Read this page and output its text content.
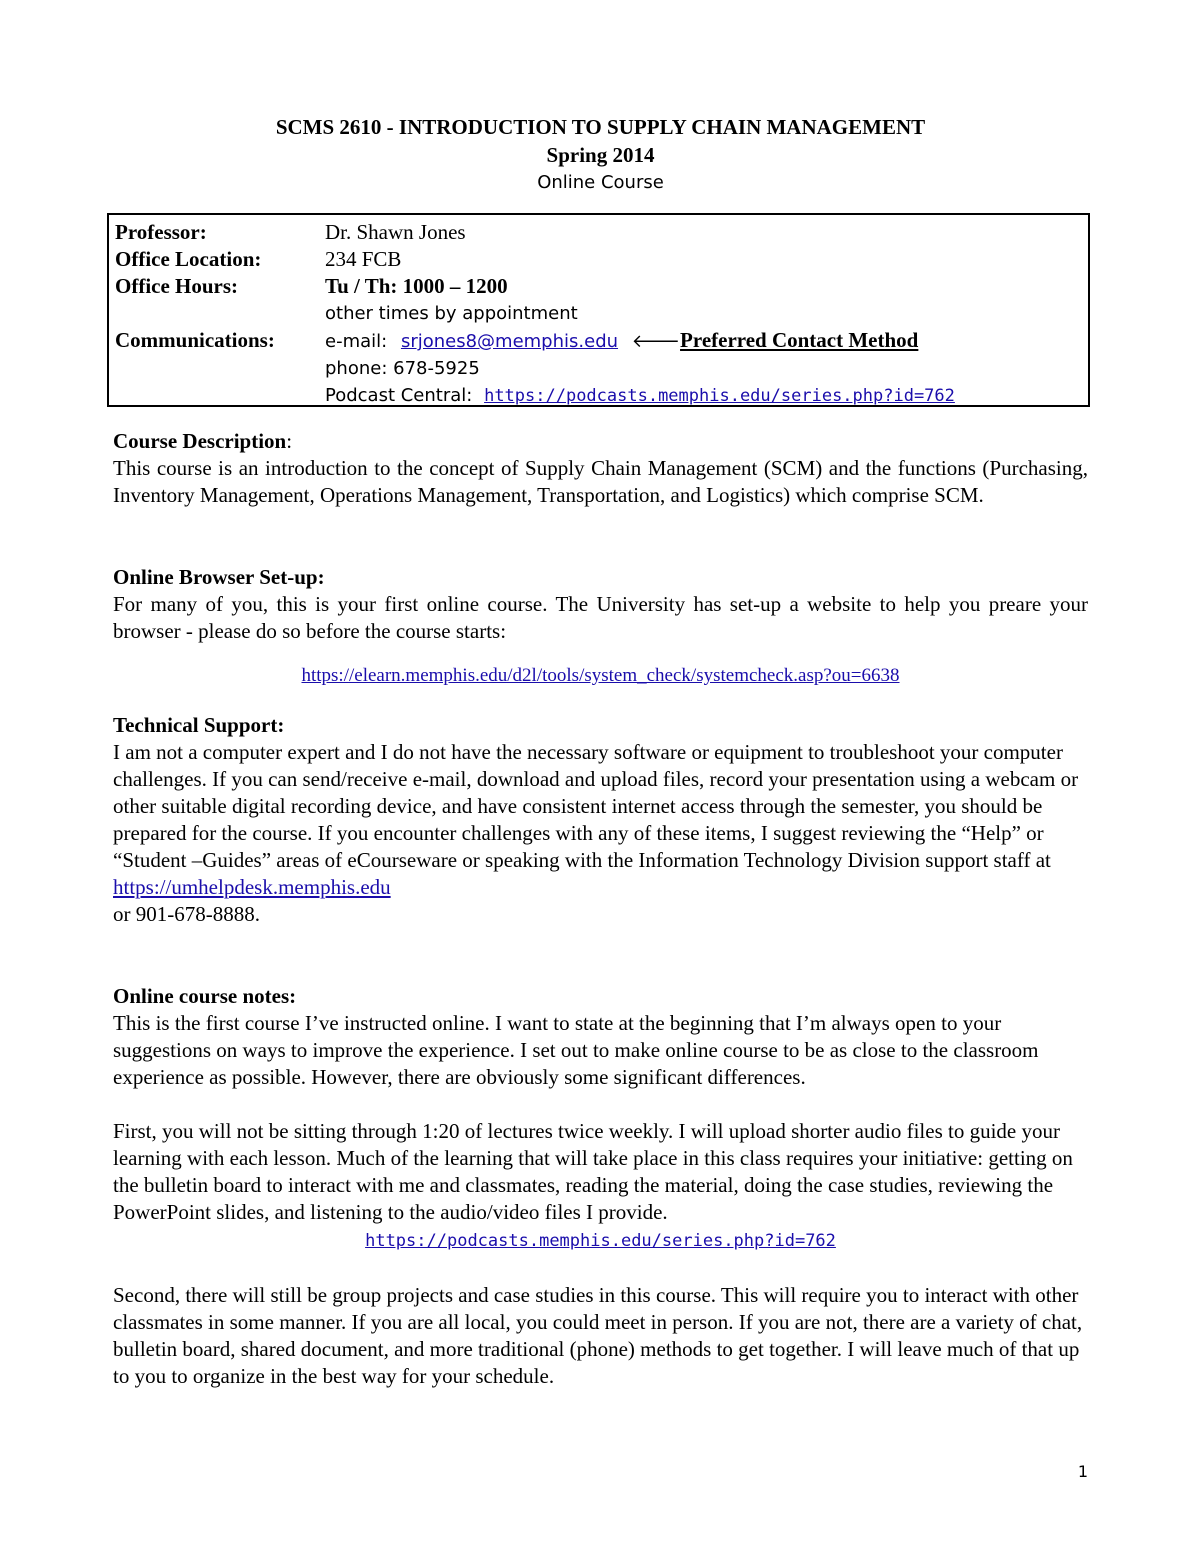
SCMS 2610 - INTRODUCTION TO SUPPLY CHAIN MANAGEMENT
Spring 2014
Online Course
Professor:	Dr. Shawn Jones
Office Location:	234 FCB
Office Hours:	Tu / Th: 1000 – 1200
other times by appointment
Communications:	e-mail: srjones8@memphis.edu 🡐Preferred Contact Method
phone: 678-5925
Podcast Central: https://podcasts.memphis.edu/series.php?id=762
Course Description:

This course is an introduction to the concept of Supply Chain Management (SCM) and the functions (Purchasing, Inventory Management, Operations Management, Transportation, and Logistics) which comprise SCM.

Online Browser Set-up:

For many of you, this is your first online course. The University has set-up a website to help you preare your browser - please do so before the course starts:

https://elearn.memphis.edu/d2l/tools/system_check/systemcheck.asp?ou=6638
Technical Support:

I am not a computer expert and I do not have the necessary software or equipment to troubleshoot your computer challenges. If you can send/receive e-mail, download and upload files, record your presentation using a webcam or other suitable digital recording device, and have consistent internet access through the semester, you should be prepared for the course. If you encounter challenges with any of these items, I suggest reviewing the “Help” or “Student –Guides” areas of eCourseware or speaking with the Information Technology Division support staff at https://umhelpdesk.memphis.edu
or 901-678-8888.

Online course notes:

This is the first course I’ve instructed online. I want to state at the beginning that I’m always open to your suggestions on ways to improve the experience. I set out to make online course to be as close to the classroom experience as possible. However, there are obviously some significant differences.

First, you will not be sitting through 1:20 of lectures twice weekly. I will upload shorter audio files to guide your learning with each lesson. Much of the learning that will take place in this class requires your initiative: getting on the bulletin board to interact with me and classmates, reading the material, doing the case studies, reviewing the PowerPoint slides, and listening to the audio/video files I provide.

https://podcasts.memphis.edu/series.php?id=762

Second, there will still be group projects and case studies in this course. This will require you to interact with other classmates in some manner. If you are all local, you could meet in person. If you are not, there are a variety of chat, bulletin board, shared document, and more traditional (phone) methods to get together. I will leave much of that up to you to organize in the best way for your schedule.

1
